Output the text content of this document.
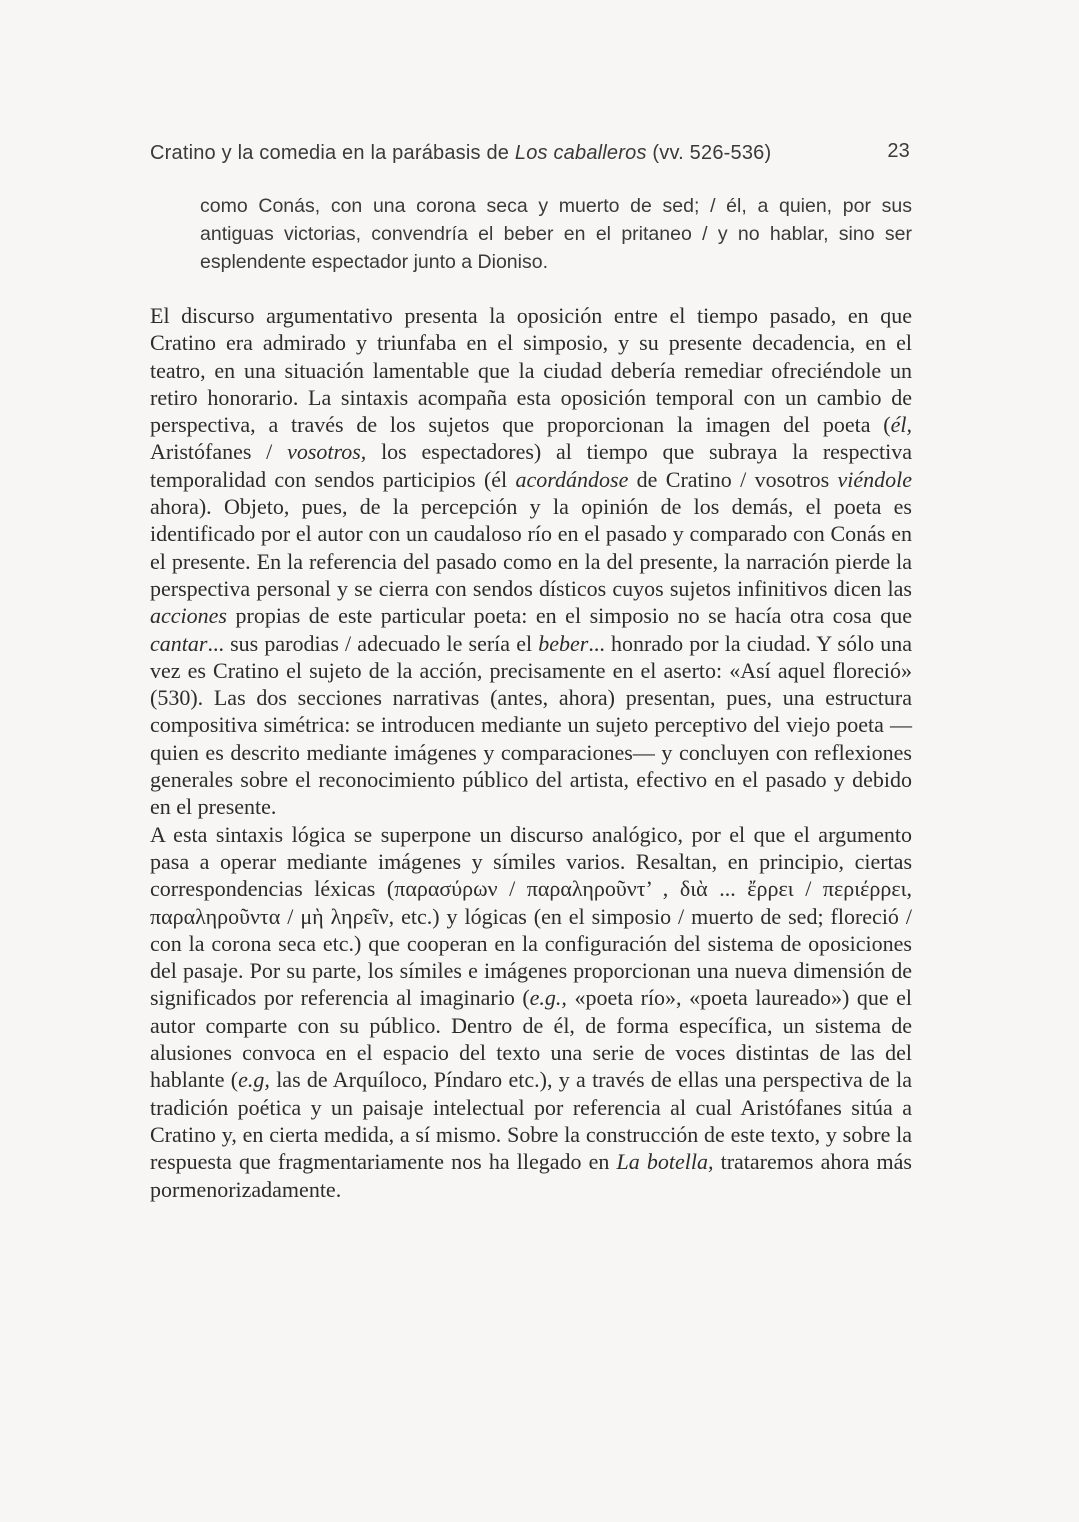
Cratino y la comedia en la parábasis de Los caballeros (vv. 526-536)	23
como Conás, con una corona seca y muerto de sed; / él, a quien, por sus antiguas victorias, convendría el beber en el pritaneo / y no hablar, sino ser esplendente espectador junto a Dioniso.

El discurso argumentativo presenta la oposición entre el tiempo pasado, en que Cratino era admirado y triunfaba en el simposio, y su presente decadencia, en el teatro, en una situación lamentable que la ciudad debería remediar ofreciéndole un retiro honorario. La sintaxis acompaña esta oposición temporal con un cambio de perspectiva, a través de los sujetos que proporcionan la imagen del poeta (él, Aristófanes / vosotros, los espectadores) al tiempo que subraya la respectiva temporalidad con sendos participios (él acordándose de Cratino / vosotros viéndole ahora). Objeto, pues, de la percepción y la opinión de los demás, el poeta es identificado por el autor con un caudaloso río en el pasado y comparado con Conás en el presente. En la referencia del pasado como en la del presente, la narración pierde la perspectiva personal y se cierra con sendos dísticos cuyos sujetos infinitivos dicen las acciones propias de este particular poeta: en el simposio no se hacía otra cosa que cantar... sus parodias / adecuado le sería el beber... honrado por la ciudad. Y sólo una vez es Cratino el sujeto de la acción, precisamente en el aserto: «Así aquel floreció» (530). Las dos secciones narrativas (antes, ahora) presentan, pues, una estructura compositiva simétrica: se introducen mediante un sujeto perceptivo del viejo poeta —quien es descrito mediante imágenes y comparaciones— y concluyen con reflexiones generales sobre el reconocimiento público del artista, efectivo en el pasado y debido en el presente.

A esta sintaxis lógica se superpone un discurso analógico, por el que el argumento pasa a operar mediante imágenes y símiles varios. Resaltan, en principio, ciertas correspondencias léxicas (παρασύρων / παραληροῦντ’ , διὰ ... ἔρρει / περιέρρει, παραληροῦντα / μὴ ληρεῖν, etc.) y lógicas (en el simposio / muerto de sed; floreció / con la corona seca etc.) que cooperan en la configuración del sistema de oposiciones del pasaje. Por su parte, los símiles e imágenes proporcionan una nueva dimensión de significados por referencia al imaginario (e.g., «poeta río», «poeta laureado») que el autor comparte con su público. Dentro de él, de forma específica, un sistema de alusiones convoca en el espacio del texto una serie de voces distintas de las del hablante (e.g, las de Arquíloco, Píndaro etc.), y a través de ellas una perspectiva de la tradición poética y un paisaje intelectual por referencia al cual Aristófanes sitúa a Cratino y, en cierta medida, a sí mismo. Sobre la construcción de este texto, y sobre la respuesta que fragmentariamente nos ha llegado en La botella, trataremos ahora más pormenorizadamente.
